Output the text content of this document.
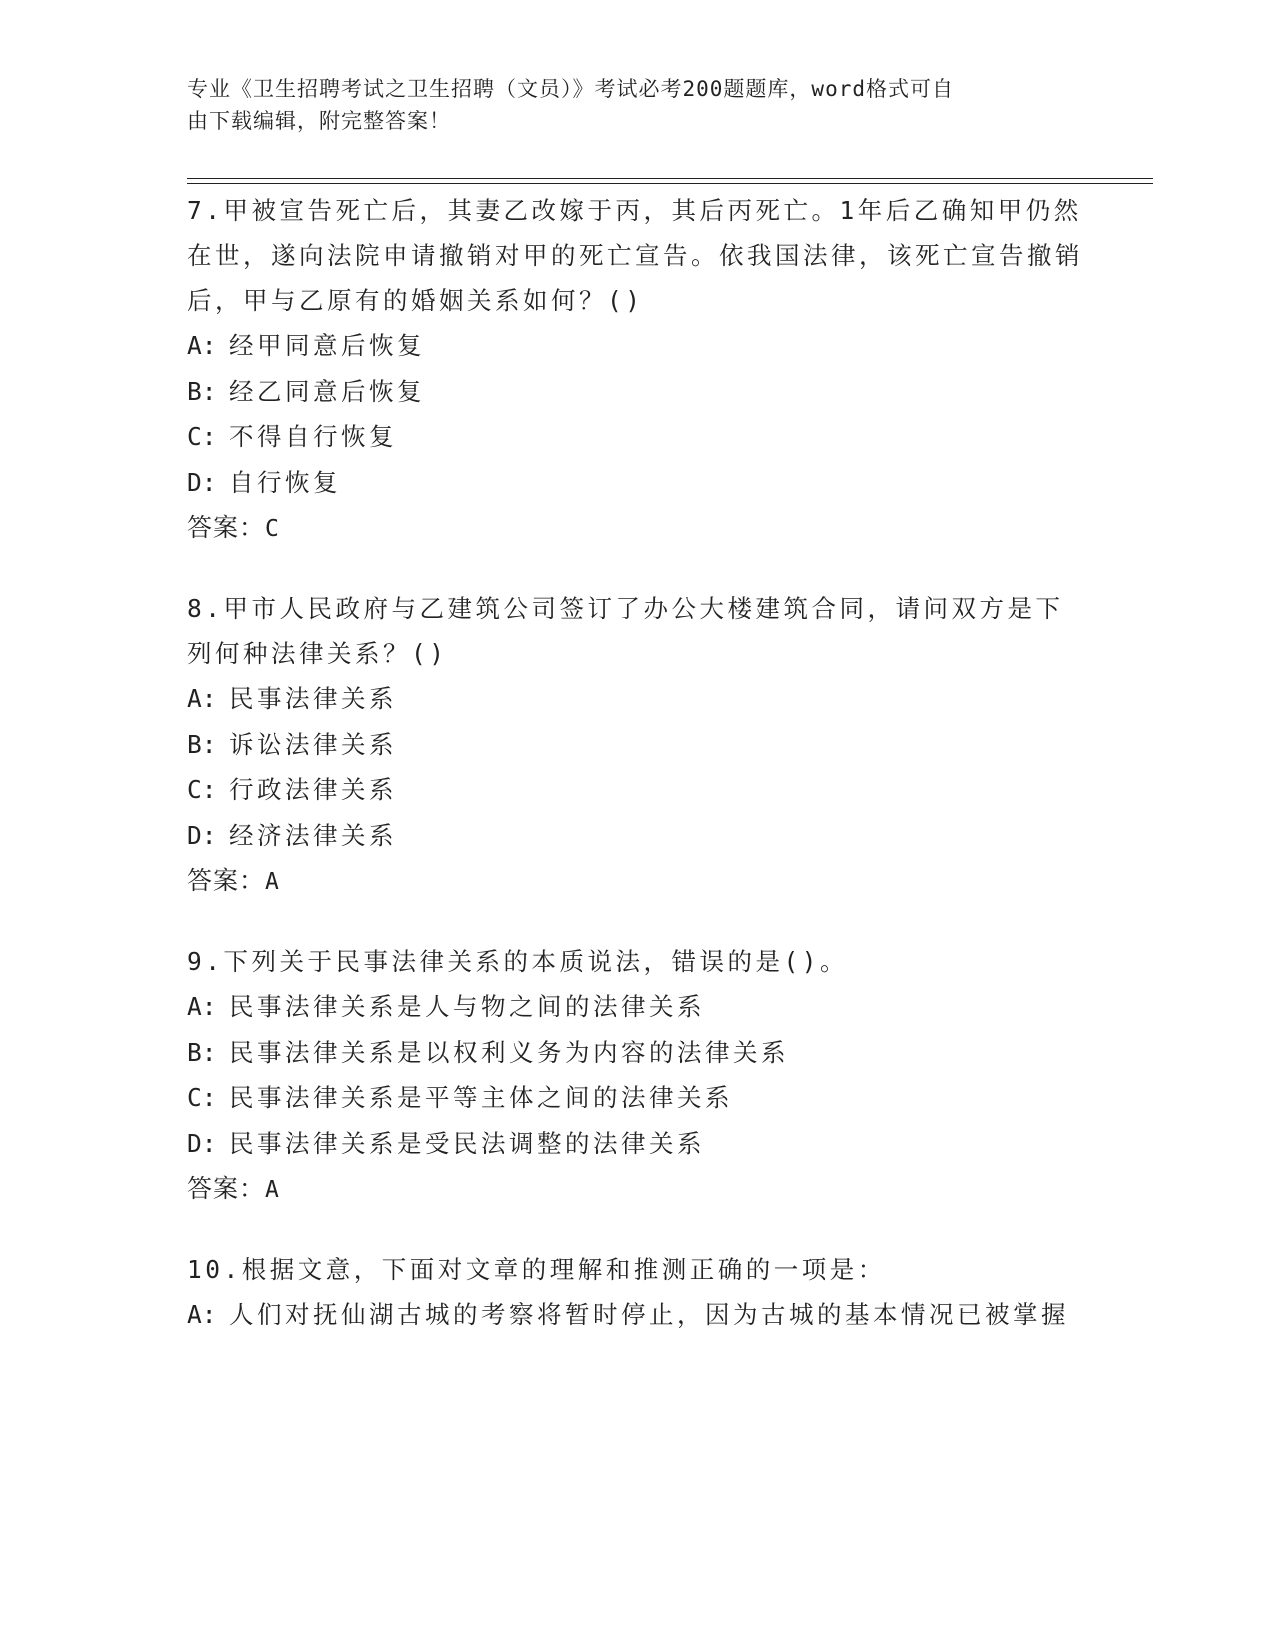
专业《卫生招聘考试之卫生招聘（文员）》考试必考200题题库，word格式可自
由下载编辑，附完整答案！

7.甲被宣告死亡后，其妻乙改嫁于丙，其后丙死亡。1年后乙确知甲仍然在世，遂向法院申请撤销对甲的死亡宣告。依我国法律，该死亡宣告撤销后，甲与乙原有的婚姻关系如何？()

A: 经甲同意后恢复

B: 经乙同意后恢复

C: 不得自行恢复

D: 自行恢复

答案：C

8.甲市人民政府与乙建筑公司签订了办公大楼建筑合同，请问双方是下列何种法律关系？()

A: 民事法律关系

B: 诉讼法律关系

C: 行政法律关系

D: 经济法律关系

答案：A

9.下列关于民事法律关系的本质说法，错误的是()。

A: 民事法律关系是人与物之间的法律关系

B: 民事法律关系是以权利义务为内容的法律关系

C: 民事法律关系是平等主体之间的法律关系

D: 民事法律关系是受民法调整的法律关系

答案：A

10.根据文意，下面对文章的理解和推测正确的一项是：

A: 人们对抚仙湖古城的考察将暂时停止，因为古城的基本情况已被掌握
